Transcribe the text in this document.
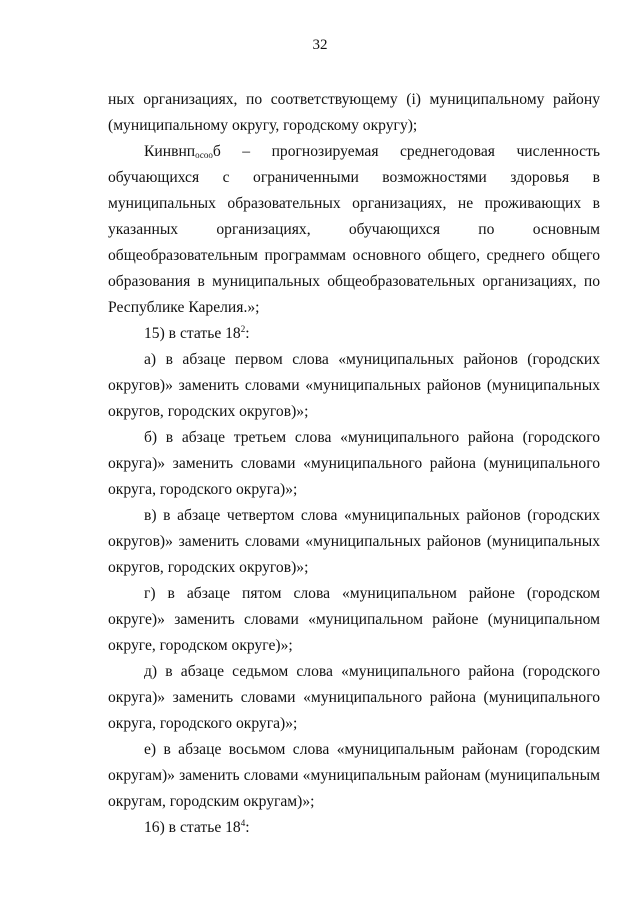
32

ных организациях, по соответствующему (i) муниципальному району (муниципальному округу, городскому округу);

Кинвнп$_{осоо}$б – прогнозируемая среднегодовая численность обучающихся с ограниченными возможностями здоровья в муниципальных образовательных организациях, не проживающих в указанных организациях, обучающихся по основным общеобразовательным программам основного общего, среднего общего образования в муниципальных общеобразовательных организациях, по Республике Карелия.»;

15) в статье $18^2$:

а) в абзаце первом слова «муниципальных районов (городских округов)» заменить словами «муниципальных районов (муниципальных округов, городских округов)»;

б) в абзаце третьем слова «муниципального района (городского округа)» заменить словами «муниципального района (муниципального округа, городского округа)»;

в) в абзаце четвертом слова «муниципальных районов (городских округов)» заменить словами «муниципальных районов (муниципальных округов, городских округов)»;

г) в абзаце пятом слова «муниципальном районе (городском округе)» заменить словами «муниципальном районе (муниципальном округе, городском округе)»;

д) в абзаце седьмом слова «муниципального района (городского округа)» заменить словами «муниципального района (муниципального округа, городского округа)»;

е) в абзаце восьмом слова «муниципальным районам (городским округам)» заменить словами «муниципальным районам (муниципальным округам, городским округам)»;

16) в статье $18^4$:
